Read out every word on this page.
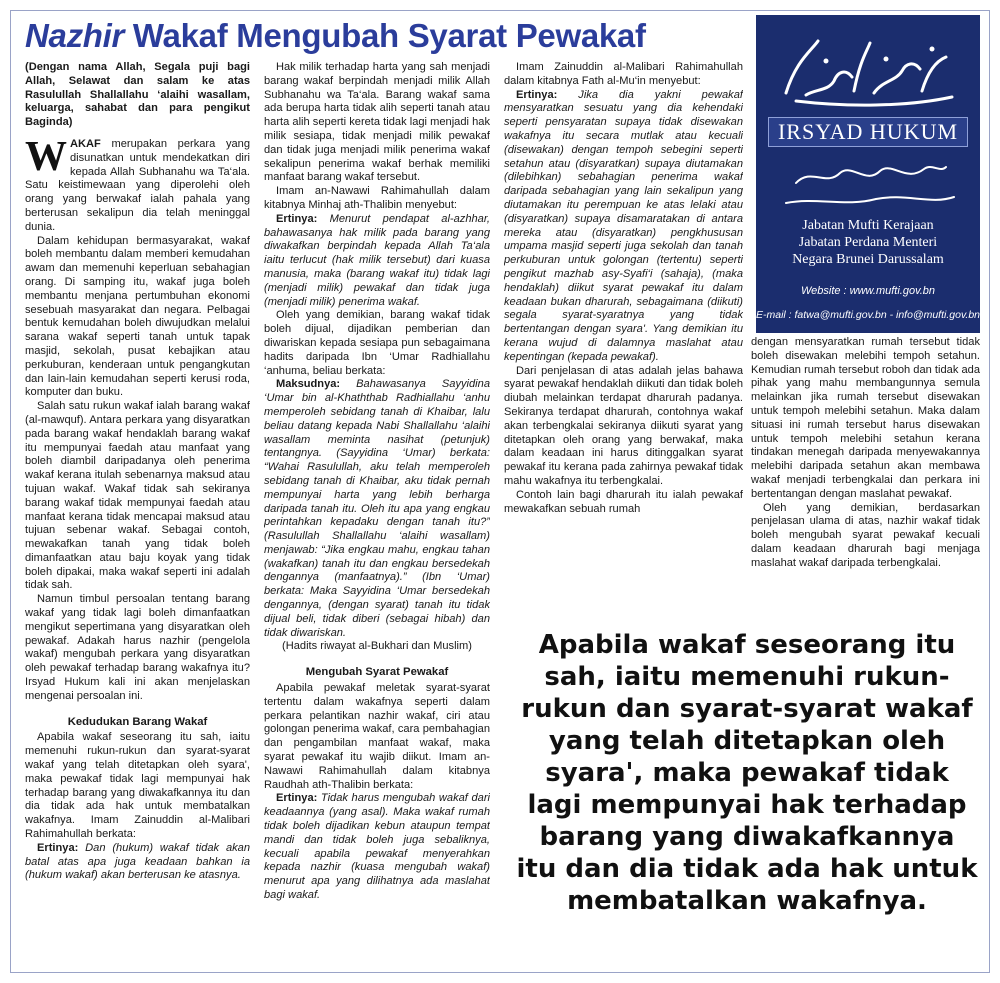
Nazhir Wakaf Mengubah Syarat Pewakaf

(Dengan nama Allah, Segala puji bagi Allah, Selawat dan salam ke atas Rasulullah Shallallahu ‘alaihi wasallam, keluarga, sahabat dan para pengikut Baginda)

WAKAF merupakan perkara yang disunatkan untuk mendekatkan diri kepada Allah Subhanahu wa Ta‘ala. Satu keistimewaan yang diperolehi oleh orang yang berwakaf ialah pahala yang berterusan sekalipun dia telah meninggal dunia.

Dalam kehidupan bermasyarakat, wakaf boleh membantu dalam memberi kemudahan awam dan memenuhi keperluan sebahagian orang. Di samping itu, wakaf juga boleh membantu menjana pertumbuhan ekonomi sesebuah masyarakat dan negara. Pelbagai bentuk kemudahan boleh diwujudkan melalui sarana wakaf seperti tanah untuk tapak masjid, sekolah, pusat kebajikan atau perkuburan, kenderaan untuk pengangkutan dan lain-lain kemudahan seperti kerusi roda, komputer dan buku.

Salah satu rukun wakaf ialah barang wakaf (al-mawquf). Antara perkara yang disyaratkan pada barang wakaf hendaklah barang wakaf itu mempunyai faedah atau manfaat yang boleh diambil daripadanya oleh penerima wakaf kerana itulah sebenarnya maksud atau tujuan wakaf. Wakaf tidak sah sekiranya barang wakaf tidak mempunyai faedah atau manfaat kerana tidak mencapai maksud atau tujuan sebenar wakaf. Sebagai contoh, mewakafkan tanah yang tidak boleh dimanfaatkan atau baju koyak yang tidak boleh dipakai, maka wakaf seperti ini adalah tidak sah.

Namun timbul persoalan tentang barang wakaf yang tidak lagi boleh dimanfaatkan mengikut sepertimana yang disyaratkan oleh pewakaf. Adakah harus nazhir (pengelola wakaf) mengubah perkara yang disyaratkan oleh pewakaf terhadap barang wakafnya itu? Irsyad Hukum kali ini akan menjelaskan mengenai persoalan ini.

Kedudukan Barang Wakaf

Apabila wakaf seseorang itu sah, iaitu memenuhi rukun-rukun dan syarat-syarat wakaf yang telah ditetapkan oleh syara', maka pewakaf tidak lagi mempunyai hak terhadap barang yang diwakafkannya itu dan dia tidak ada hak untuk membatalkan wakafnya. Imam Zainuddin al-Malibari Rahimahullah berkata:

Ertinya: Dan (hukum) wakaf tidak akan batal atas apa juga keadaan bahkan ia (hukum wakaf) akan berterusan ke atasnya.

Hak milik terhadap harta yang sah menjadi barang wakaf berpindah menjadi milik Allah Subhanahu wa Ta‘ala. Barang wakaf sama ada berupa harta tidak alih seperti tanah atau harta alih seperti kereta tidak lagi menjadi hak milik sesiapa, tidak menjadi milik pewakaf dan tidak juga menjadi milik penerima wakaf sekalipun penerima wakaf berhak memiliki manfaat barang wakaf tersebut.

Imam an-Nawawi Rahimahullah dalam kitabnya Minhaj ath-Thalibin menyebut:

Ertinya: Menurut pendapat al-azhhar, bahawasanya hak milik pada barang yang diwakafkan berpindah kepada Allah Ta‘ala iaitu terlucut (hak milik tersebut) dari kuasa manusia, maka (barang wakaf itu) tidak lagi (menjadi milik) pewakaf dan tidak juga (menjadi milik) penerima wakaf.

Oleh yang demikian, barang wakaf tidak boleh dijual, dijadikan pemberian dan diwariskan kepada sesiapa pun sebagaimana hadits daripada Ibn ‘Umar Radhiallahu ‘anhuma, beliau berkata:

Maksudnya: Bahawasanya Sayyidina ‘Umar bin al-Khaththab Radhiallahu ‘anhu memperoleh sebidang tanah di Khaibar, lalu beliau datang kepada Nabi Shallallahu ‘alaihi wasallam meminta nasihat (petunjuk) tentangnya. (Sayyidina ‘Umar) berkata: “Wahai Rasulullah, aku telah memperoleh sebidang tanah di Khaibar, aku tidak pernah mempunyai harta yang lebih berharga daripada tanah itu. Oleh itu apa yang engkau perintahkan kepadaku dengan tanah itu?” (Rasulullah Shallallahu ‘alaihi wasallam) menjawab: “Jika engkau mahu, engkau tahan (wakafkan) tanah itu dan engkau bersedekah dengannya (manfaatnya).” (Ibn ‘Umar) berkata: Maka Sayyidina ‘Umar bersedekah dengannya, (dengan syarat) tanah itu tidak dijual beli, tidak diberi (sebagai hibah) dan tidak diwariskan.

(Hadits riwayat al-Bukhari dan Muslim)

Mengubah Syarat Pewakaf

Apabila pewakaf meletak syarat-syarat tertentu dalam wakafnya seperti dalam perkara pelantikan nazhir wakaf, ciri atau golongan penerima wakaf, cara pembahagian dan pengambilan manfaat wakaf, maka syarat pewakaf itu wajib diikut. Imam an-Nawawi Rahimahullah dalam kitabnya Raudhah ath-Thalibin berkata:

Ertinya: Tidak harus mengubah wakaf dari keadaannya (yang asal). Maka wakaf rumah tidak boleh dijadikan kebun ataupun tempat mandi dan tidak boleh juga sebaliknya, kecuali apabila pewakaf menyerahkan kepada nazhir (kuasa mengubah wakaf) menurut apa yang dilihatnya ada maslahat bagi wakaf.

Imam Zainuddin al-Malibari Rahimahullah dalam kitabnya Fath al-Mu‘in menyebut:

Ertinya: Jika dia yakni pewakaf mensyaratkan sesuatu yang dia kehendaki seperti pensyaratan supaya tidak disewakan wakafnya itu secara mutlak atau kecuali (disewakan) dengan tempoh sebegini seperti setahun atau (disyaratkan) supaya diutamakan (dilebihkan) sebahagian penerima wakaf daripada sebahagian yang lain sekalipun yang diutamakan itu perempuan ke atas lelaki atau (disyaratkan) supaya disamaratakan di antara mereka atau (disyaratkan) pengkhususan umpama masjid seperti juga sekolah dan tanah perkuburan untuk golongan (tertentu) seperti pengikut mazhab asy-Syafi‘i (sahaja), (maka hendaklah) diikut syarat pewakaf itu dalam keadaan bukan dharurah, sebagaimana (diikuti) segala syarat-syaratnya yang tidak bertentangan dengan syara'. Yang demikian itu kerana wujud di dalamnya maslahat atau kepentingan (kepada pewakaf).

Dari penjelasan di atas adalah jelas bahawa syarat pewakaf hendaklah diikuti dan tidak boleh diubah melainkan terdapat dharurah padanya. Sekiranya terdapat dharurah, contohnya wakaf akan terbengkalai sekiranya diikuti syarat yang ditetapkan oleh orang yang berwakaf, maka dalam keadaan ini harus ditinggalkan syarat pewakaf itu kerana pada zahirnya pewakaf tidak mahu wakafnya itu terbengkalai.

Contoh lain bagi dharurah itu ialah pewakaf mewakafkan sebuah rumah

IRSYAD HUKUM
Jabatan Mufti Kerajaan
Jabatan Perdana Menteri
Negara Brunei Darussalam
Website : www.mufti.gov.bn
E-mail : fatwa@mufti.gov.bn - info@mufti.gov.bn

dengan mensyaratkan rumah tersebut tidak boleh disewakan melebihi tempoh setahun. Kemudian rumah tersebut roboh dan tidak ada pihak yang mahu membangunnya semula melainkan jika rumah tersebut disewakan untuk tempoh melebihi setahun. Maka dalam situasi ini rumah tersebut harus disewakan untuk tempoh melebihi setahun kerana tindakan menegah daripada menyewakannya melebihi daripada setahun akan membawa wakaf menjadi terbengkalai dan perkara ini bertentangan dengan maslahat pewakaf.

Oleh yang demikian, berdasarkan penjelasan ulama di atas, nazhir wakaf tidak boleh mengubah syarat pewakaf kecuali dalam keadaan dharurah bagi menjaga maslahat wakaf daripada terbengkalai.

Apabila wakaf seseorang itu sah, iaitu memenuhi rukun-rukun dan syarat-syarat wakaf yang telah ditetapkan oleh syara', maka pewakaf tidak lagi mempunyai hak terhadap barang yang diwakafkannya itu dan dia tidak ada hak untuk membatalkan wakafnya.
